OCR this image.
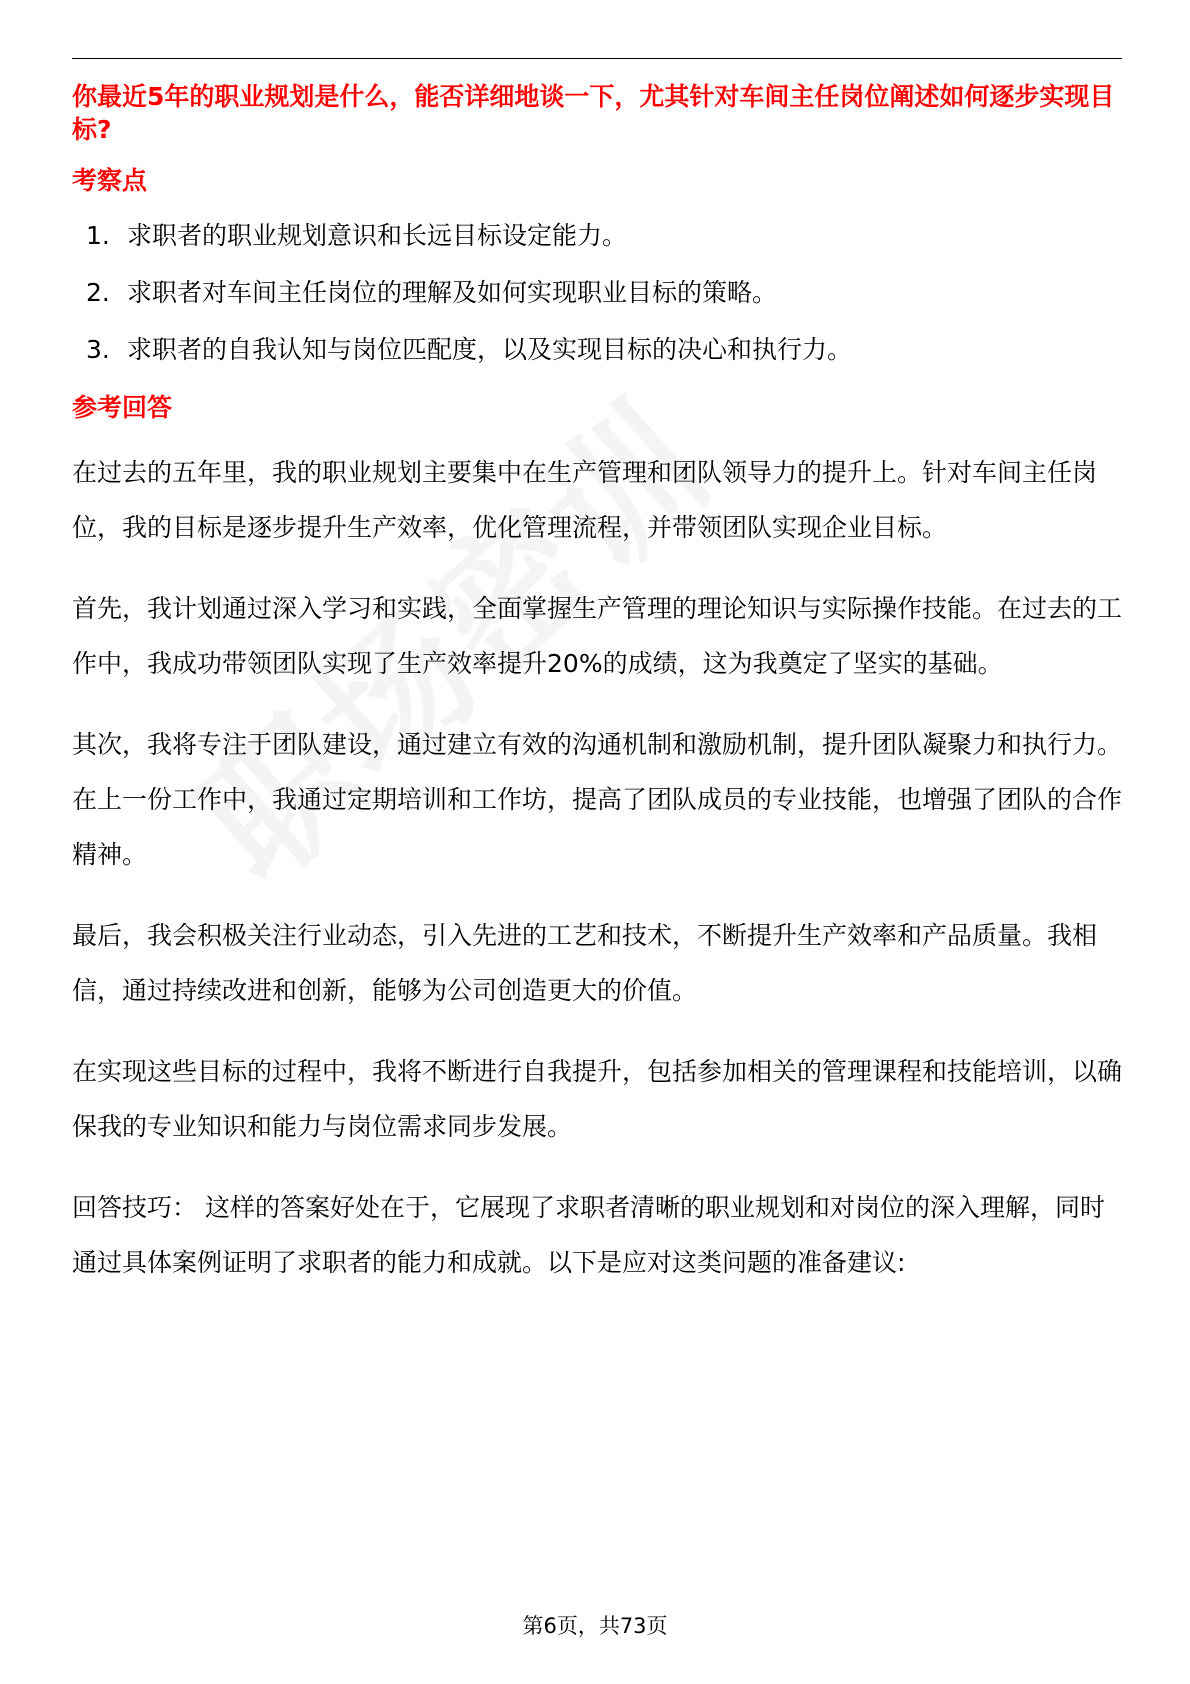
你最近5年的职业规划是什么，能否详细地谈一下，尤其针对车间主任岗位阐述如何逐步实现目标?

考察点

1. 求职者的职业规划意识和长远目标设定能力。
2. 求职者对车间主任岗位的理解及如何实现职业目标的策略。
3. 求职者的自我认知与岗位匹配度，以及实现目标的决心和执行力。

参考回答

在过去的五年里，我的职业规划主要集中在生产管理和团队领导力的提升上。针对车间主任岗位，我的目标是逐步提升生产效率，优化管理流程，并带领团队实现企业目标。

首先，我计划通过深入学习和实践，全面掌握生产管理的理论知识与实际操作技能。在过去的工作中，我成功带领团队实现了生产效率提升20%的成绩，这为我奠定了坚实的基础。

其次，我将专注于团队建设，通过建立有效的沟通机制和激励机制，提升团队凝聚力和执行力。在上一份工作中，我通过定期培训和工作坊，提高了团队成员的专业技能，也增强了团队的合作精神。

最后，我会积极关注行业动态，引入先进的工艺和技术，不断提升生产效率和产品质量。我相信，通过持续改进和创新，能够为公司创造更大的价值。

在实现这些目标的过程中，我将不断进行自我提升，包括参加相关的管理课程和技能培训，以确保我的专业知识和能力与岗位需求同步发展。

回答技巧： 这样的答案好处在于，它展现了求职者清晰的职业规划和对岗位的深入理解，同时通过具体案例证明了求职者的能力和成就。以下是应对这类问题的准备建议:

第6页，共73页
